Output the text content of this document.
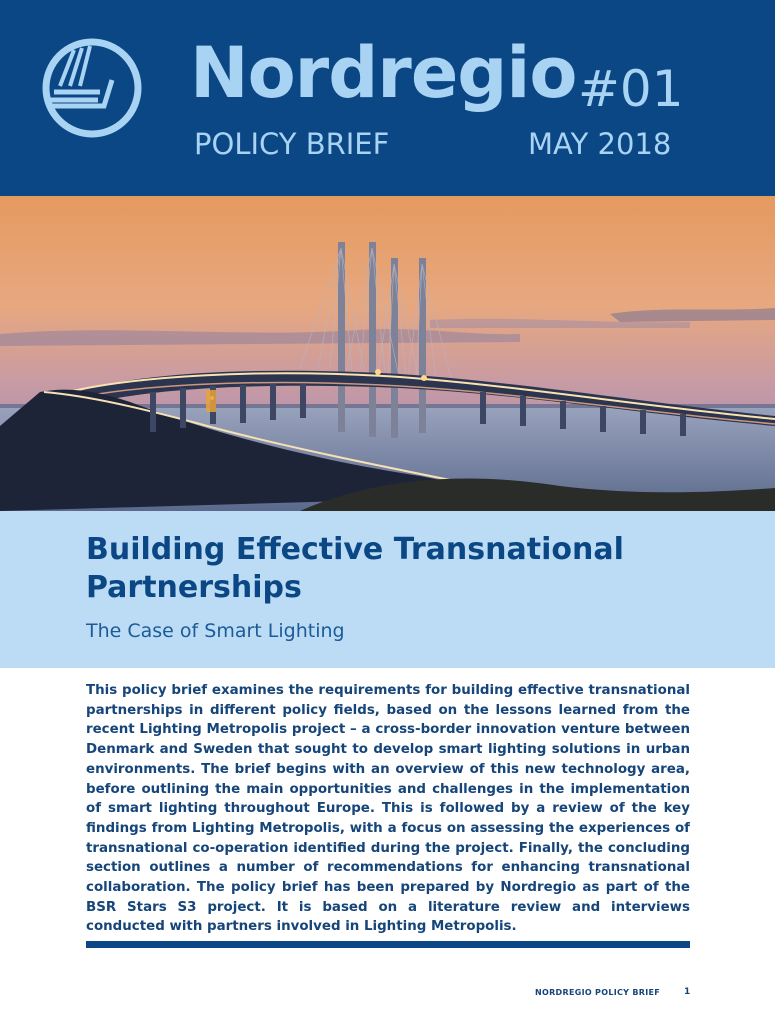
Nordregio #01
POLICY BRIEF	MAY 2018
Building Effective Transnational Partnerships
The Case of Smart Lighting
This policy brief examines the requirements for building effective transnational partnerships in different policy fields, based on the lessons learned from the recent Lighting Metropolis project – a cross-border innovation venture between Denmark and Sweden that sought to develop smart lighting solutions in urban environments. The brief begins with an overview of this new technology area, before outlining the main opportunities and challenges in the implementation of smart lighting throughout Europe. This is followed by a review of the key findings from Lighting Metropolis, with a focus on assessing the experiences of transnational co-operation identified during the project. Finally, the concluding section outlines a number of recommendations for enhancing transnational collaboration. The policy brief has been prepared by Nordregio as part of the BSR Stars S3 project. It is based on a literature review and interviews conducted with partners involved in Lighting Metropolis.
NORDREGIO POLICY BRIEF	1
